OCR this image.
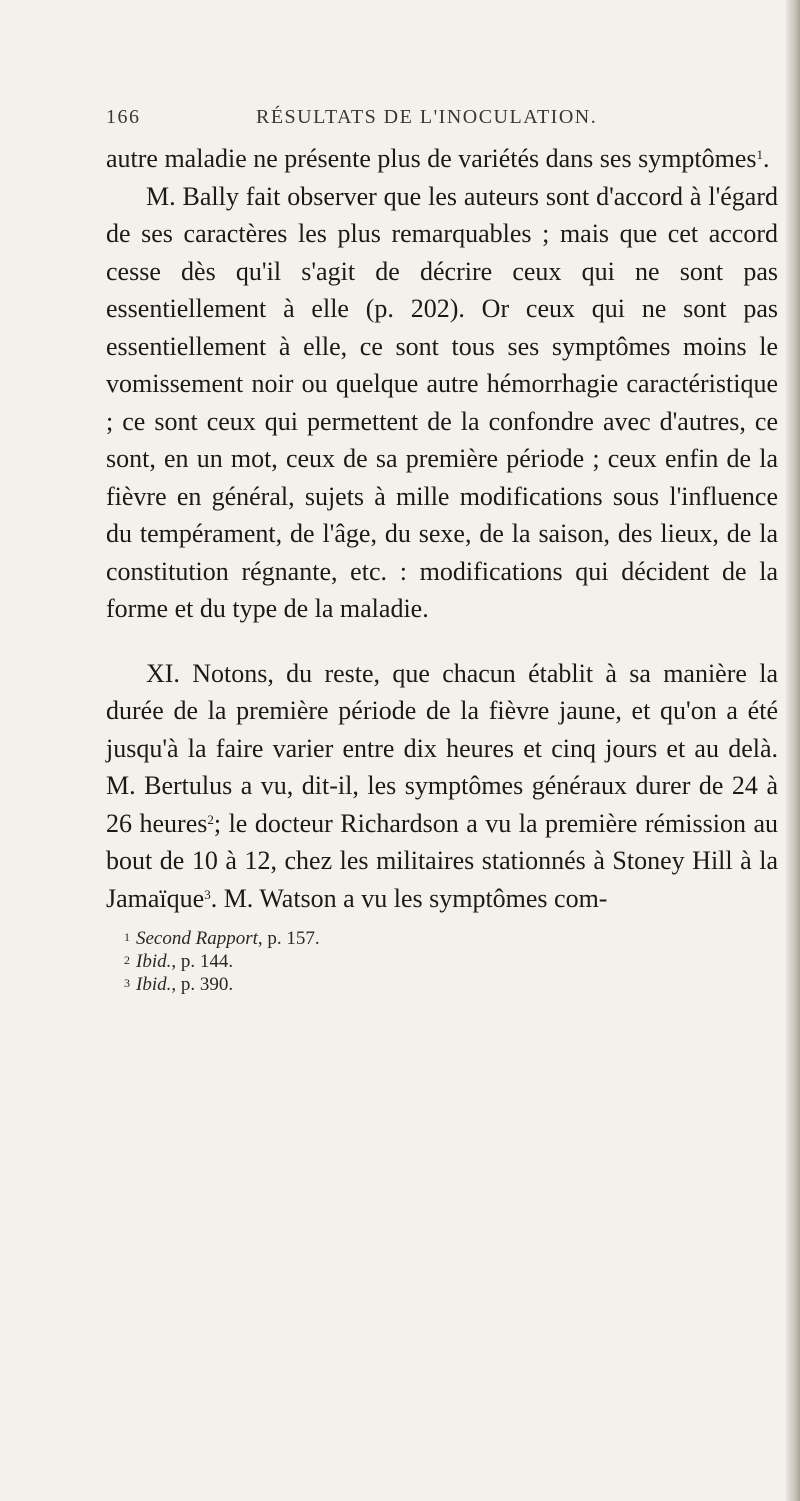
166	RÉSULTATS DE L'INOCULATION.

autre maladie ne présente plus de variétés dans ses symptômes$^1$.

M. Bally fait observer que les auteurs sont d'accord à l'égard de ses caractères les plus remarquables ; mais que cet accord cesse dès qu'il s'agit de décrire ceux qui ne sont pas essentiellement à elle (p. 202). Or ceux qui ne sont pas essentiellement à elle, ce sont tous ses symptômes moins le vomissement noir ou quelque autre hémorrhagie caractéristique ; ce sont ceux qui permettent de la confondre avec d'autres, ce sont, en un mot, ceux de sa première période ; ceux enfin de la fièvre en général, sujets à mille modifications sous l'influence du tempérament, de l'âge, du sexe, de la saison, des lieux, de la constitution régnante, etc. : modifications qui décident de la forme et du type de la maladie.

XI. Notons, du reste, que chacun établit à sa manière la durée de la première période de la fièvre jaune, et qu'on a été jusqu'à la faire varier entre dix heures et cinq jours et au delà. M. Bertulus a vu, dit-il, les symptômes généraux durer de 24 à 26 heures$^2$; le docteur Richardson a vu la première rémission au bout de 10 à 12, chez les militaires stationnés à Stoney Hill à la Jamaïque$^3$. M. Watson a vu les symptômes com-

$^1$ Second Rapport, p. 157.
$^2$ Ibid., p. 144.
$^3$ Ibid., p. 390.
